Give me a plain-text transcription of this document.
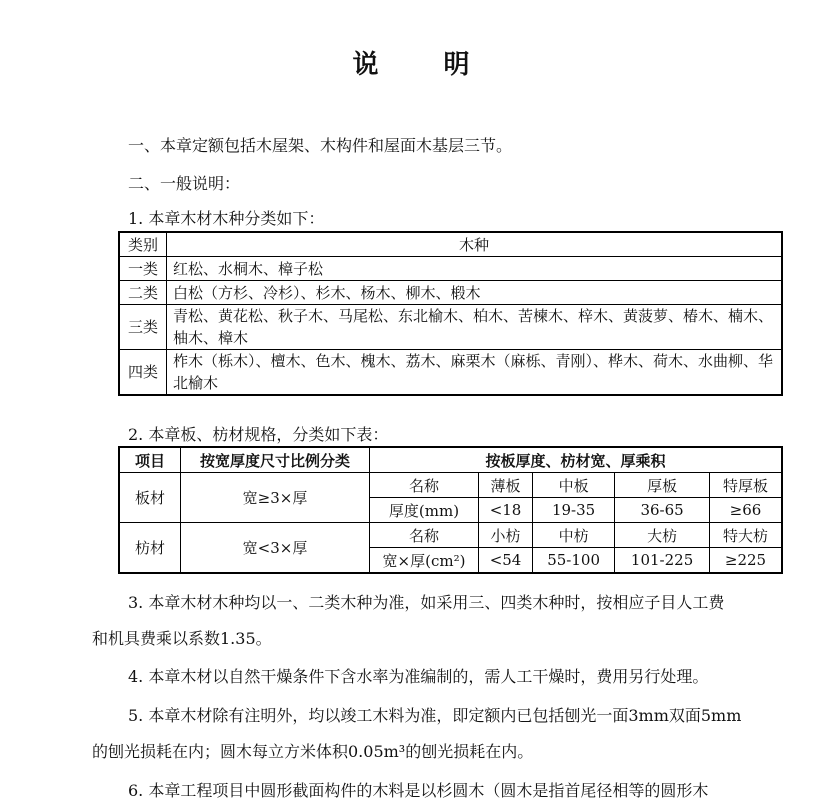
说 明
一、本章定额包括木屋架、木构件和屋面木基层三节。
二、一般说明：
1. 本章木材木种分类如下：
类别	木种
一类	红松、水桐木、樟子松
二类	白松（方杉、冷杉）、杉木、杨木、柳木、椴木
三类	青松、黄花松、秋子木、马尾松、东北榆木、柏木、苦楝木、梓木、黄菠萝、椿木、楠木、柚木、樟木
四类	柞木（栎木）、檀木、色木、槐木、荔木、麻栗木（麻栎、青刚）、桦木、荷木、水曲柳、华北榆木
2. 本章板、枋材规格，分类如下表：
项目	按宽厚度尺寸比例分类	按板厚度、枋材宽、厚乘积				
板材	宽≥3×厚	名称	薄板	中板	厚板	特厚板
		厚度(mm)	<18	19-35	36-65	≥66
枋材	宽<3×厚	名称	小枋	中枋	大枋	特大枋
		宽×厚(cm²)	<54	55-100	101-225	≥225
3. 本章木材木种均以一、二类木种为准，如采用三、四类木种时，按相应子目人工费
和机具费乘以系数1.35。
4. 本章木材以自然干燥条件下含水率为准编制的，需人工干燥时，费用另行处理。
5. 本章木材除有注明外，均以竣工木料为准，即定额内已包括刨光一面3mm双面5mm
的刨光损耗在内；圆木每立方米体积0.05m³的刨光损耗在内。
6. 本章工程项目中圆形截面构件的木料是以杉圆木（圆木是指首尾径相等的圆形木
